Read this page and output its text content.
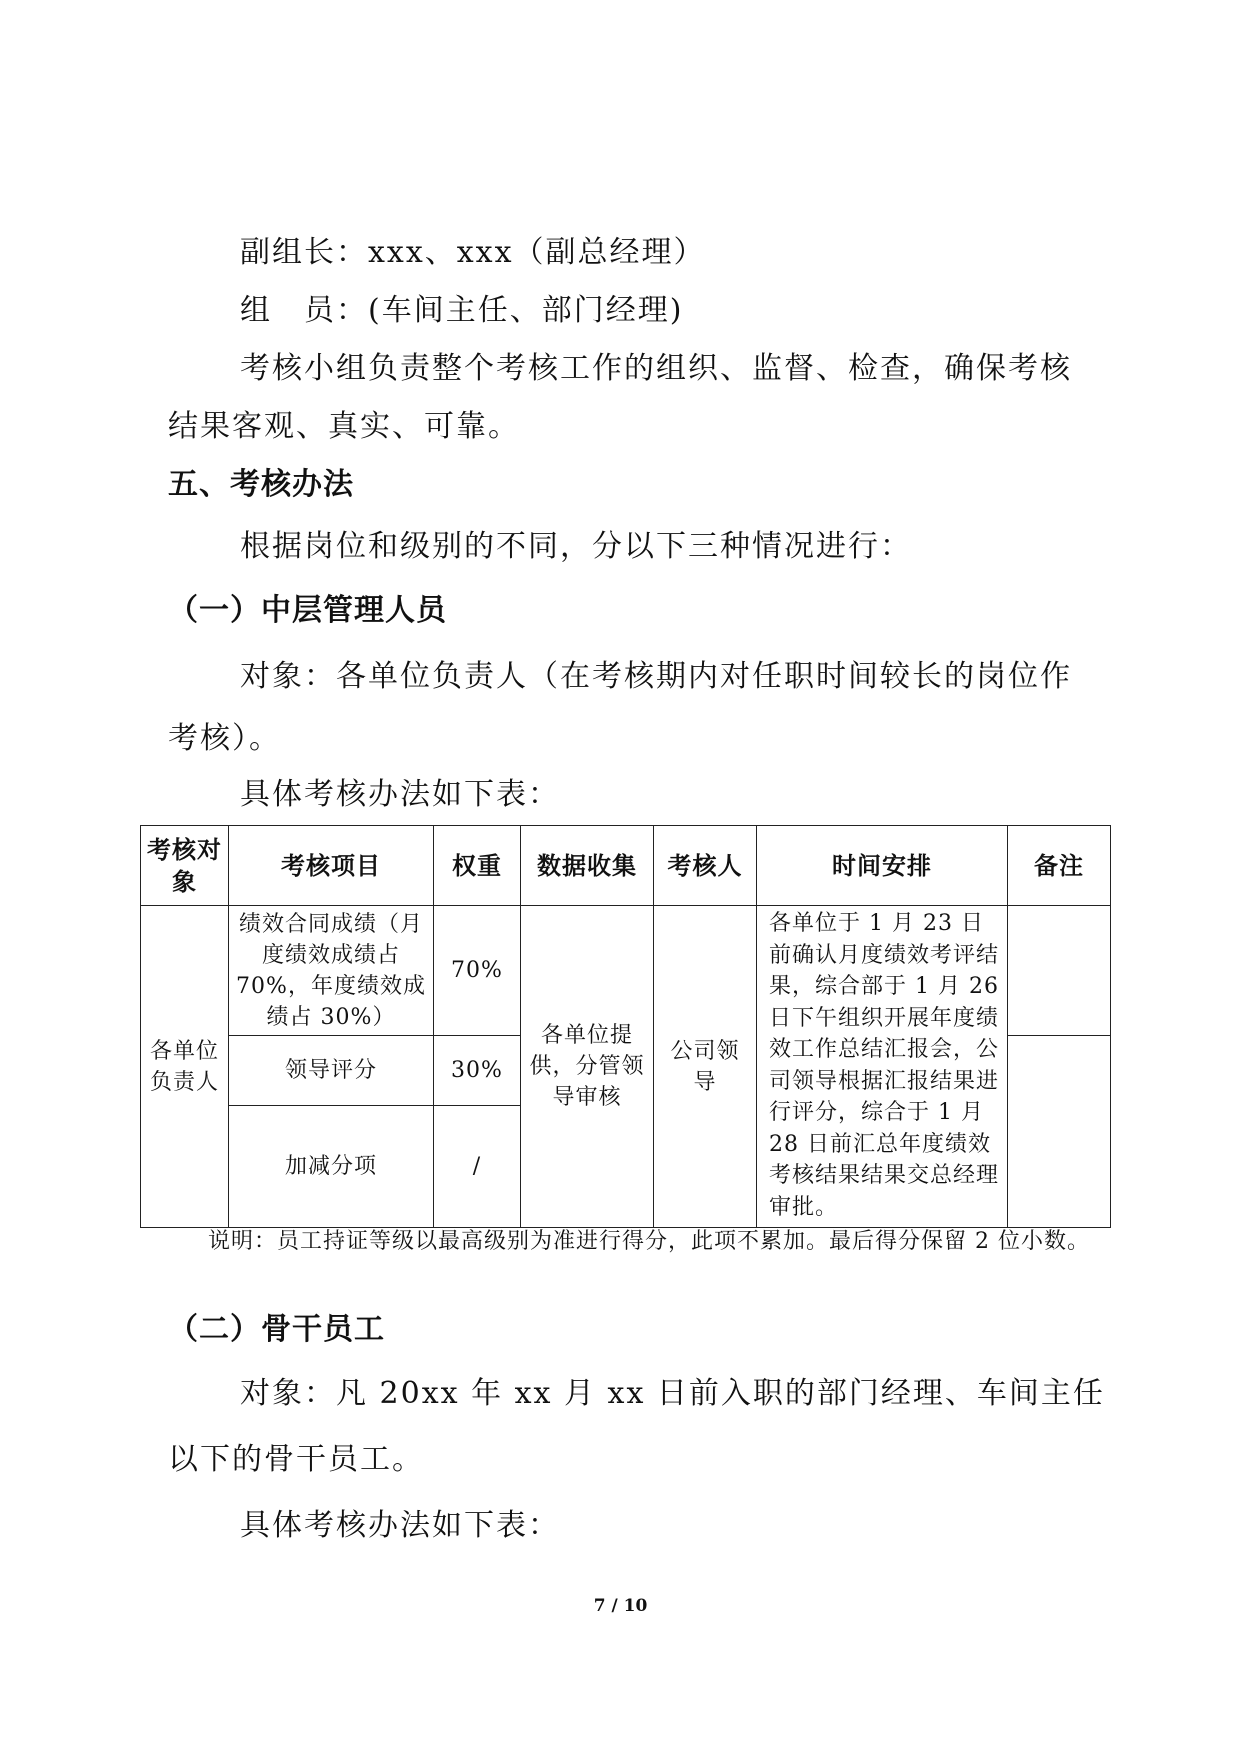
副组长：xxx、xxx（副总经理）
组　员：(车间主任、部门经理)
考核小组负责整个考核工作的组织、监督、检查，确保考核
结果客观、真实、可靠。
五、考核办法
根据岗位和级别的不同，分以下三种情况进行：
（一）中层管理人员
对象：各单位负责人（在考核期内对任职时间较长的岗位作
考核）。
具体考核办法如下表：
考核对象	考核项目	权重	数据收集	考核人	时间安排	备注
各单位负责人	绩效合同成绩（月度绩效成绩占 70%，年度绩效成绩占 30%）	70%	各单位提供，分管领导审核	公司领导	各单位于 1 月 23 日前确认月度绩效考评结果，综合部于 1 月 26 日下午组织开展年度绩效工作总结汇报会，公司领导根据汇报结果进行评分，综合于 1 月 28 日前汇总年度绩效考核结果结果交总经理审批。	
	领导评分	30%				
	加减分项	/				
说明：员工持证等级以最高级别为准进行得分，此项不累加。最后得分保留 2 位小数。
（二）骨干员工
对象：凡 20xx 年 xx 月 xx 日前入职的部门经理、车间主任
以下的骨干员工。
具体考核办法如下表：
7 / 10
